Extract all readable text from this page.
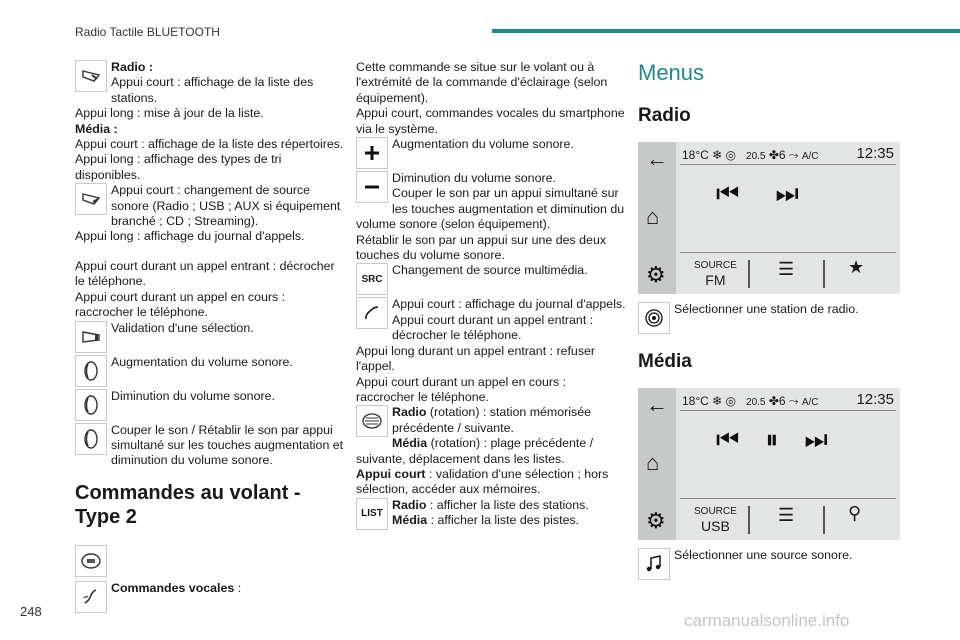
Radio Tactile BLUETOOTH
Radio :
Appui court : affichage de la liste des stations.
Appui long : mise à jour de la liste.
Média :
Appui court : affichage de la liste des répertoires.
Appui long : affichage des types de tri disponibles.
Appui court : changement de source sonore (Radio ; USB ; AUX si équipement branché ; CD ; Streaming).
Appui long : affichage du journal d'appels.
Appui court durant un appel entrant : décrocher le téléphone.
Appui court durant un appel en cours : raccrocher le téléphone.
Validation d'une sélection.
Augmentation du volume sonore.
Diminution du volume sonore.
Couper le son / Rétablir le son par appui simultané sur les touches augmentation et diminution du volume sonore.
Commandes au volant - Type 2
Commandes vocales :
Cette commande se situe sur le volant ou à l'extrémité de la commande d'éclairage (selon équipement).
Appui court, commandes vocales du smartphone via le système.
Augmentation du volume sonore.
Diminution du volume sonore.
Couper le son par un appui simultané sur les touches augmentation et diminution du volume sonore (selon équipement).
Rétablir le son par un appui sur une des deux touches du volume sonore.
SRC
Changement de source multimédia.
Appui court : affichage du journal d'appels.
Appui court durant un appel entrant : décrocher le téléphone.
Appui long durant un appel entrant : refuser l'appel.
Appui court durant un appel en cours : raccrocher le téléphone.
Radio (rotation) : station mémorisée précédente / suivante.
Média (rotation) : plage précédente / suivante, déplacement dans les listes.
Appui court : validation d'une sélection ; hors sélection, accéder aux mémoires.
LIST
Radio : afficher la liste des stations.
Média : afficher la liste des pistes.
Menus
Radio
←
⌂
⚙
18°C ❄ ◎   20.5 ✤6 ⤳ A/C	12:35
⏮ ⏭
SOURCE
FM
☰	★
Sélectionner une station de radio.
Média
←
⌂
⚙
18°C ❄ ◎   20.5 ✤6 ⤳ A/C	12:35
⏮ ⏸ ⏭
SOURCE
USB
☰	⚲
Sélectionner une source sonore.
248	carmanualsonline.info
